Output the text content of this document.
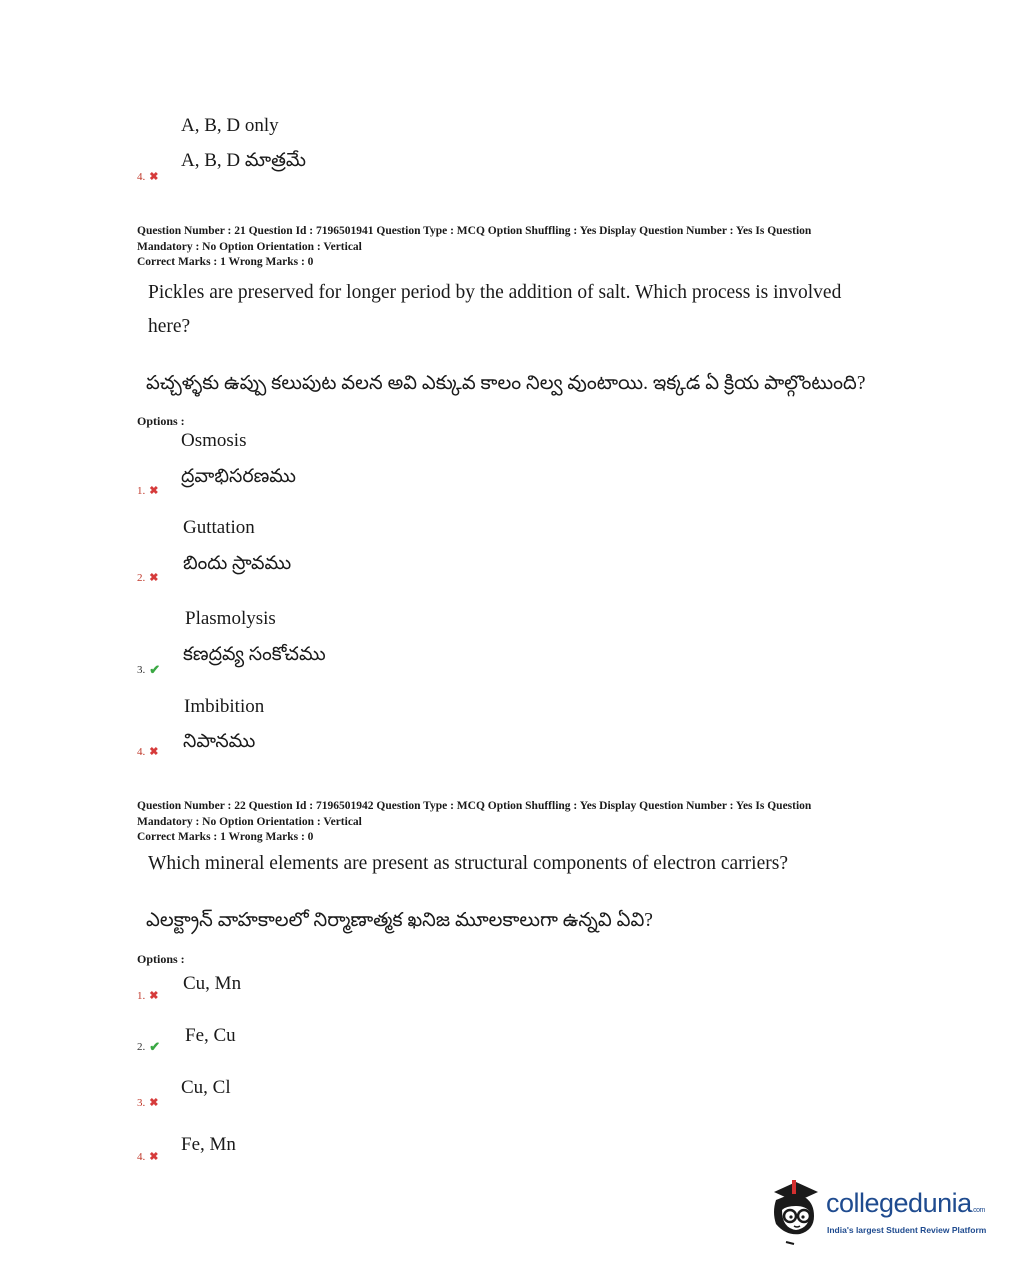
A, B, D only
A, B, D మాత్రమే
4. ✖
Question Number : 21 Question Id : 7196501941 Question Type : MCQ Option Shuffling : Yes Display Question Number : Yes Is Question
Mandatory : No Option Orientation : Vertical
Correct Marks : 1 Wrong Marks : 0
Pickles are preserved for longer period by the addition of salt. Which process is involved here?
పచ్చళ్ళకు ఉప్పు కలుపుట వలన అవి ఎక్కువ కాలం నిల్వ వుంటాయి. ఇక్కడ ఏ క్రియ పాల్గొంటుంది?
Options :
Osmosis
ద్రవాభిసరణము
1. ✖
Guttation
బిందు స్రావము
2. ✖
Plasmolysis
కణద్రవ్య సంకోచము
3. ✔
Imbibition
నిపానము
4. ✖
Question Number : 22 Question Id : 7196501942 Question Type : MCQ Option Shuffling : Yes Display Question Number : Yes Is Question
Mandatory : No Option Orientation : Vertical
Correct Marks : 1 Wrong Marks : 0
Which mineral elements are present as structural components of electron carriers?
ఎలక్ట్రాన్ వాహకాలలో నిర్మాణాత్మక ఖనిజ మూలకాలుగా ఉన్నవి ఏవి?
Options :
Cu, Mn
1. ✖
Fe, Cu
2. ✔
Cu, Cl
3. ✖
Fe, Mn
4. ✖
collegedunia.com
India's largest Student Review Platform
